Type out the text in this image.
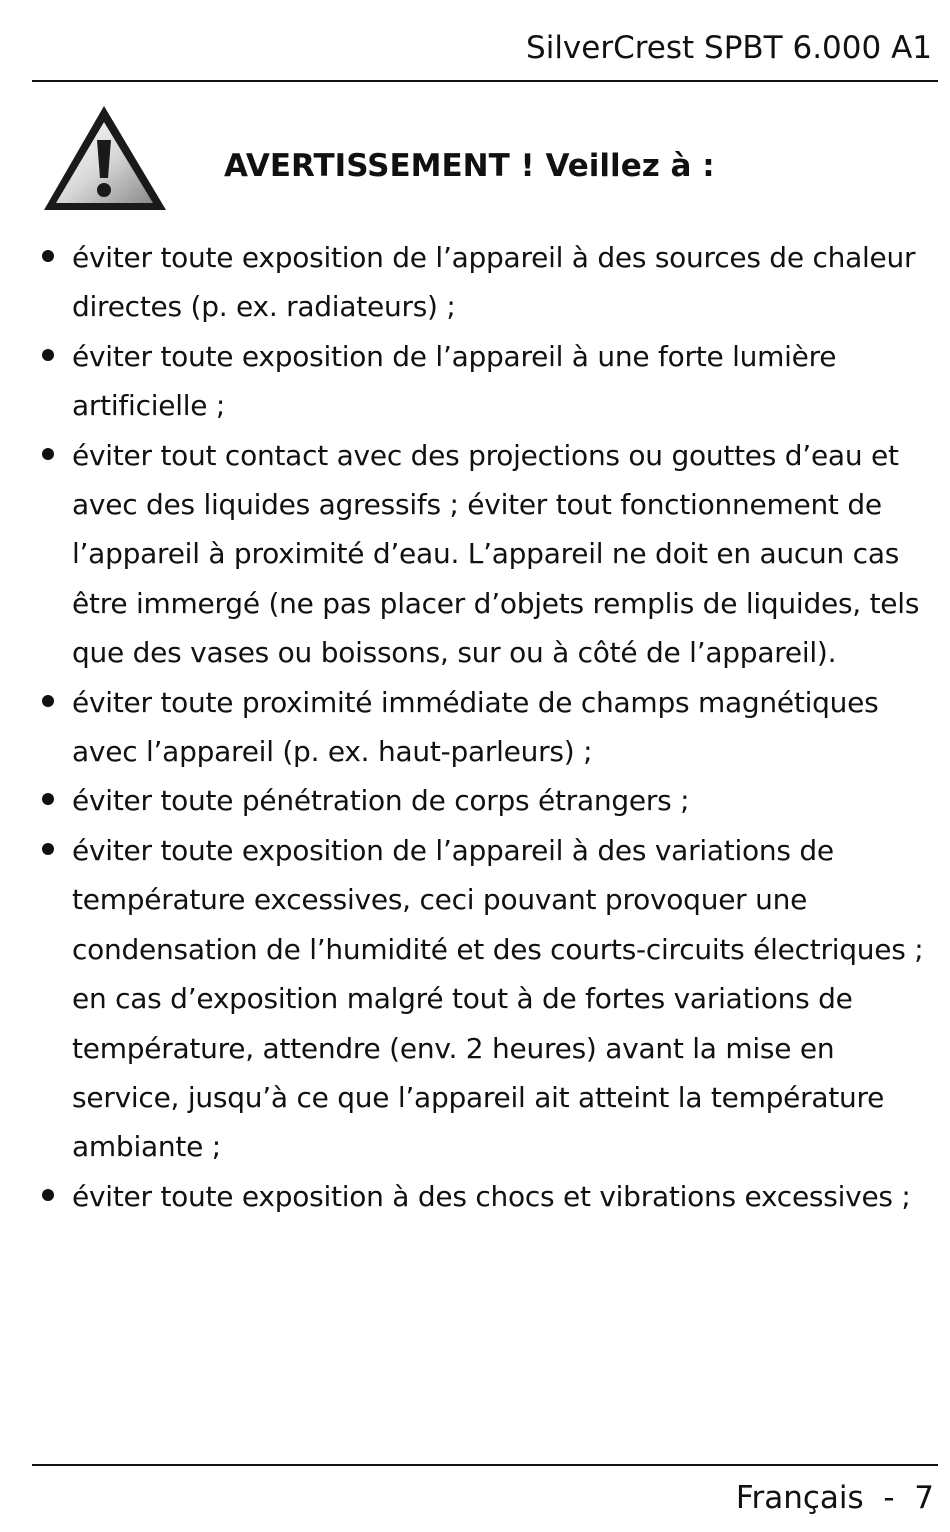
SilverCrest SPBT 6.000 A1
AVERTISSEMENT ! Veillez à :
éviter toute exposition de l’appareil à des sources de chaleur directes (p. ex. radiateurs) ;
éviter toute exposition de l’appareil à une forte lumière artificielle ;
éviter tout contact avec des projections ou gouttes d’eau et avec des liquides agressifs ; éviter tout fonctionnement de l’appareil à proximité d’eau. L’appareil ne doit en aucun cas être immergé (ne pas placer d’objets remplis de liquides, tels que des vases ou boissons, sur ou à côté de l’appareil).
éviter toute proximité immédiate de champs magnétiques avec l’appareil (p. ex. haut-parleurs) ;
éviter toute pénétration de corps étrangers ;
éviter toute exposition de l’appareil à des variations de température excessives, ceci pouvant provoquer une condensation de l’humidité et des courts-circuits électriques ; en cas d’exposition malgré tout à de fortes variations de température, attendre (env. 2 heures) avant la mise en service, jusqu’à ce que l’appareil ait atteint la température ambiante ;
éviter toute exposition à des chocs et vibrations excessives ;
Français  -  7
